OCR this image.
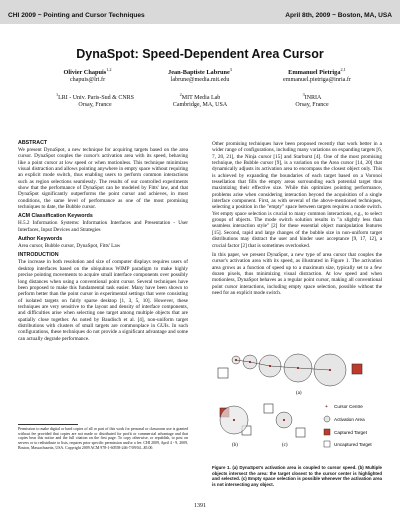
CHI 2009 ~ Pointing and Cursor Techniques	April 8th, 2009 ~ Boston, MA, USA
DynaSpot: Speed-Dependent Area Cursor
Olivier Chapuis$^{1,2}$
chapuis@lri.fr
Jean-Baptiste Labrune$^3$
labrune@media.mit.edu
Emmanuel Pietriga$^{2,1}$
emmanuel.pietriga@inria.fr
$^1$LRI - Univ. Paris-Sud & CNRS
Orsay, France
$^2$MIT Media Lab
Cambridge, MA, USA
$^3$INRIA
Orsay, France
ABSTRACT

We present DynaSpot, a new technique for acquiring targets based on the area cursor. DynaSpot couples the cursor's activation area with its speed, behaving like a point cursor at low speed or when motionless. This technique minimizes visual distraction and allows pointing anywhere in empty space without requiring an explicit mode switch, thus enabling users to perform common interactions such as region selections seamlessly. The results of our controlled experiments show that the performance of DynaSpot can be modeled by Fitts' law, and that DynaSpot significantly outperforms the point cursor and achieves, in most conditions, the same level of performance as one of the most promising techniques to date, the Bubble cursor.

ACM Classification Keywords

H.5.2 Information Systems: Information Interfaces and Presentation - User Interfaces, Input Devices and Strategies

Author Keywords

Area cursor, Bubble cursor, DynaSpot, Fitts' Law

INTRODUCTION

The increase in both resolution and size of computer displays requires users of desktop interfaces based on the ubiquitous WIMP paradigm to make highly precise pointing movements to acquire small interface components over possibly long distances when using a conventional point cursor. Several techniques have been proposed to make this fundamental task easier. Many have been shown to perform better than the point cursor in experimental settings that were consisting of isolated targets on fairly sparse desktop [1, 3, 5, 10]. However, these techniques are very sensitive to the layout and density of interface components, and difficulties arise when selecting one target among multiple objects that are spatially close together. As noted by Baudisch et al. [4], non-uniform target distributions with clusters of small targets are commonplace in GUIs. In such configurations, these techniques do not provide a significant advantage and some can actually degrade performance.

Permission to make digital or hard copies of all or part of this work for personal or classroom use is granted without fee provided that copies are not made or distributed for profit or commercial advantage and that copies bear this notice and the full citation on the first page. To copy otherwise, or republish, to post on servers or to redistribute to lists, requires prior specific permission and/or a fee. CHI 2009, April 4 - 9, 2009, Boston, Massachusetts, USA. Copyright 2009 ACM 978-1-60558-246-7/09/04...$5.00.

Other promising techniques have been proposed recently that work better in a wider range of configurations, including many variations on expanding targets [6, 7, 20, 21], the Ninja cursor [15] and Starburst [4]. One of the most promising technique, the Bubble cursor [9], is a variation on the Area cursor [14, 20] that dynamically adjusts its activation area to encompass the closest object only. This is achieved by expanding the boundaries of each target based on a Voronoi tessellation that fills the empty areas surrounding each potential target thus maximizing their effective size. While this optimizes pointing performance, problems arise when considering interaction beyond the acquisition of a single interface component. First, as with several of the above-mentioned techniques, selecting a position in the "empty" space between targets requires a mode switch. Yet empty space selection is crucial to many common interactions, e.g., to select groups of objects. The mode switch solution results in "a slightly less than seamless interaction style" [2] for these essential object manipulation features [15]. Second, rapid and large changes of the bubble size in non-uniform target distributions may distract the user and hinder user acceptance [9, 17, 12], a crucial factor [2] that is sometimes overlooked.

In this paper, we present DynaSpot, a new type of area cursor that couples the cursor's activation area with its speed, as illustrated in Figure 1. The activation area grows as a function of speed up to a maximum size, typically set to a few dozen pixels, thus minimizing visual distraction. At low speed and when motionless, DynaSpot behaves as a regular point cursor, making all conventional point cursor interactions, including empty space selection, possible without the need for an explicit mode switch.

(a)
(b)	(c)
+ Cursor Centre
Activation Area
Captured Target
Uncaptured Target
Figure 1. (a) DynaSpot's activation area is coupled to cursor speed. (b) Multiple objects intersect the area: the target closest to the cursor center is highlighted and selected. (c) Empty space selection is possible whenever the activation area is not intersecting any object.
1391
